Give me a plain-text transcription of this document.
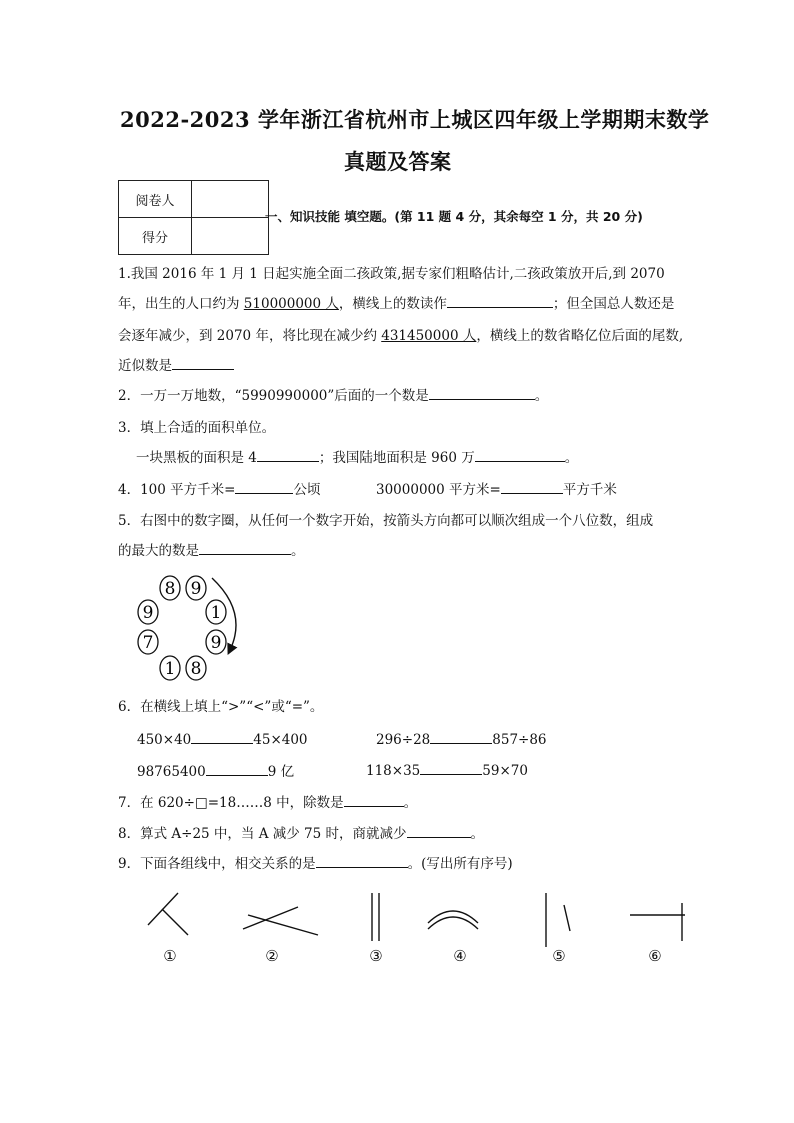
2022-2023 学年浙江省杭州市上城区四年级上学期期末数学
真题及答案
阅卷人	
得分	
一、知识技能 填空题。(第 11 题 4 分，其余每空 1 分，共 20 分)
1.我国 2016 年 1 月 1 日起实施全面二孩政策,据专家们粗略估计,二孩政策放开后,到 2070
年，出生的人口约为 510000000 人，横线上的数读作	；但全国总人数还是
会逐年减少，到 2070 年，将比现在减少约 431450000 人，横线上的数省略亿位后面的尾数,
近似数是
2．一万一万地数，“5990990000”后面的一个数是	。
3．填上合适的面积单位。
一块黑板的面积是 4	；我国陆地面积是 960 万	。
4．100 平方千米=	公顷	30000000 平方米=	平方千米
5．右图中的数字圈，从任何一个数字开始，按箭头方向都可以顺次组成一个八位数，组成
的最大的数是	。
8 9
1
9
8
1
7
9
6．在横线上填上“>”“<”或“=”。
450×40	45×400	296÷28	857÷86
98765400	9 亿	118×35	59×70
7．在 620÷□=18……8 中，除数是	。
8．算式 A÷25 中，当 A 减少 75 时，商就减少	。
9．下面各组线中，相交关系的是	。(写出所有序号)
①	②	③	④	⑤	⑥
